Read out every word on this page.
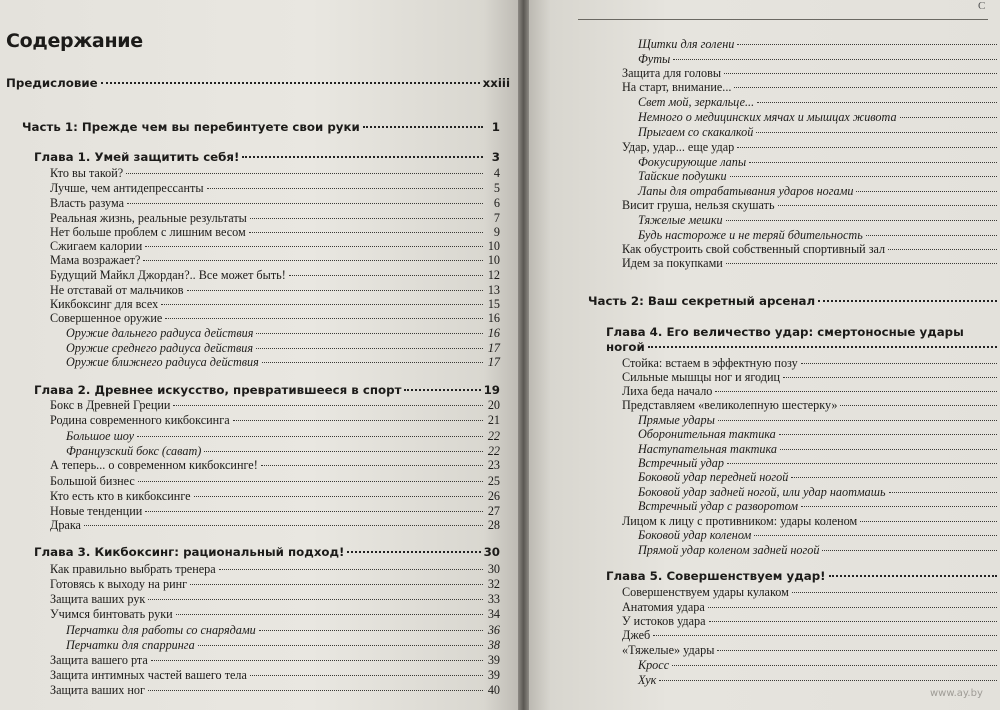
Содержание
Предисловие	xxiii
Часть 1: Прежде чем вы перебинтуете свои руки	1
Глава 1. Умей защитить себя!	3
Кто вы такой?	4
Лучше, чем антидепрессанты	5
Власть разума	6
Реальная жизнь, реальные результаты	7
Нет больше проблем с лишним весом	9
Сжигаем калории	10
Мама возражает?	10
Будущий Майкл Джордан?.. Все может быть!	12
Не отставай от мальчиков	13
Кикбоксинг для всех	15
Совершенное оружие	16
Оружие дальнего радиуса действия	16
Оружие среднего радиуса действия	17
Оружие ближнего радиуса действия	17
Глава 2. Древнее искусство, превратившееся в спорт	19
Бокс в Древней Греции	20
Родина современного кикбоксинга	21
Большое шоу	22
Французский бокс (сават)	22
А теперь... о современном кикбоксинге!	23
Большой бизнес	25
Кто есть кто в кикбоксинге	26
Новые тенденции	27
Драка	28
Глава 3. Кикбоксинг: рациональный подход!	30
Как правильно выбрать тренера	30
Готовясь к выходу на ринг	32
Защита ваших рук	33
Учимся бинтовать руки	34
Перчатки для работы со снарядами	36
Перчатки для спарринга	38
Защита вашего рта	39
Защита интимных частей вашего тела	39
Защита ваших ног	40
Щитки для голени
Футы
Защита для головы
На старт, внимание...
Свет мой, зеркальце...
Немного о медицинских мячах и мышцах живота
Прыгаем со скакалкой
Удар, удар... еще удар
Фокусирующие лапы
Тайские подушки
Лапы для отрабатывания ударов ногами
Висит груша, нельзя скушать
Тяжелые мешки
Будь настороже и не теряй бдительность
Как обустроить свой собственный спортивный зал
Идем за покупками
Часть 2: Ваш секретный арсенал
Глава 4. Его величество удар: смертоносные удары
ногой
Стойка: встаем в эффектную позу
Сильные мышцы ног и ягодиц
Лиха беда начало
Представляем «великолепную шестерку»
Прямые удары
Оборонительная тактика
Наступательная тактика
Встречный удар
Боковой удар передней ногой
Боковой удар задней ногой, или удар наотмашь
Встречный удар с разворотом
Лицом к лицу с противником: удары коленом
Боковой удар коленом
Прямой удар коленом задней ногой
Глава 5. Совершенствуем удар!
Совершенствуем удары кулаком
Анатомия удара
У истоков удара
Джеб
«Тяжелые» удары
Кросс
Хук
С
www.ay.by
